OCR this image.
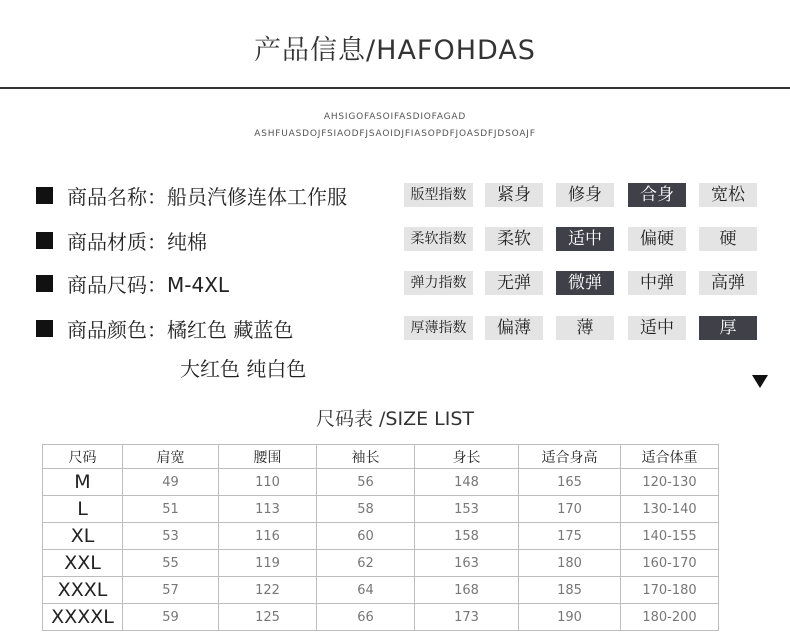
产品信息/HAFOHDAS
AHSIGOFASOIFASDIOFAGAD
ASHFUASDOJFSIAODFJSAOIDJFIASOPDFJOASDFJDSOAJF
商品名称：船员汽修连体工作服
商品材质：纯棉
商品尺码：M-4XL
商品颜色：橘红色 藏蓝色
大红色 纯白色
版型指数	紧身	修身	合身	宽松
柔软指数	柔软	适中	偏硬	硬
弹力指数	无弹	微弹	中弹	高弹
厚薄指数	偏薄	薄	适中	厚
尺码表 /SIZE LIST
尺码	肩宽	腰围	袖长	身长	适合身高	适合体重
M	49	110	56	148	165	120-130
L	51	113	58	153	170	130-140
XL	53	116	60	158	175	140-155
XXL	55	119	62	163	180	160-170
XXXL	57	122	64	168	185	170-180
XXXXL	59	125	66	173	190	180-200
